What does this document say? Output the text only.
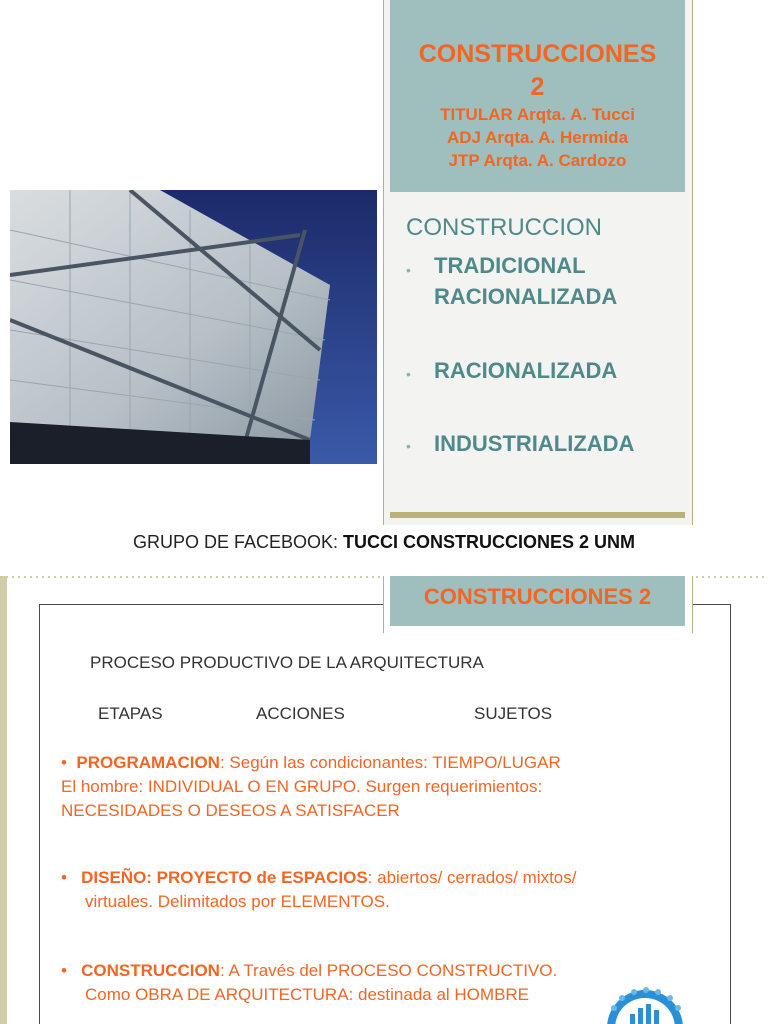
CONSTRUCCIONES
2
TITULAR Arqta. A. Tucci
ADJ Arqta. A. Hermida
JTP Arqta. A. Cardozo
CONSTRUCCION
• TRADICIONAL
RACIONALIZADA
• RACIONALIZADA
• INDUSTRIALIZADA
GRUPO DE FACEBOOK: TUCCI CONSTRUCCIONES 2 UNM
CONSTRUCCIONES 2
PROCESO PRODUCTIVO DE LA ARQUITECTURA
ETAPAS	ACCIONES	SUJETOS
• PROGRAMACION: Según las condicionantes: TIEMPO/LUGAR
El hombre: INDIVIDUAL O EN GRUPO. Surgen requerimientos:
NECESIDADES O DESEOS A SATISFACER
• DISEÑO: PROYECTO de ESPACIOS: abiertos/ cerrados/ mixtos/
virtuales. Delimitados por ELEMENTOS.
• CONSTRUCCION: A Través del PROCESO CONSTRUCTIVO.
Como OBRA DE ARQUITECTURA: destinada al HOMBRE
